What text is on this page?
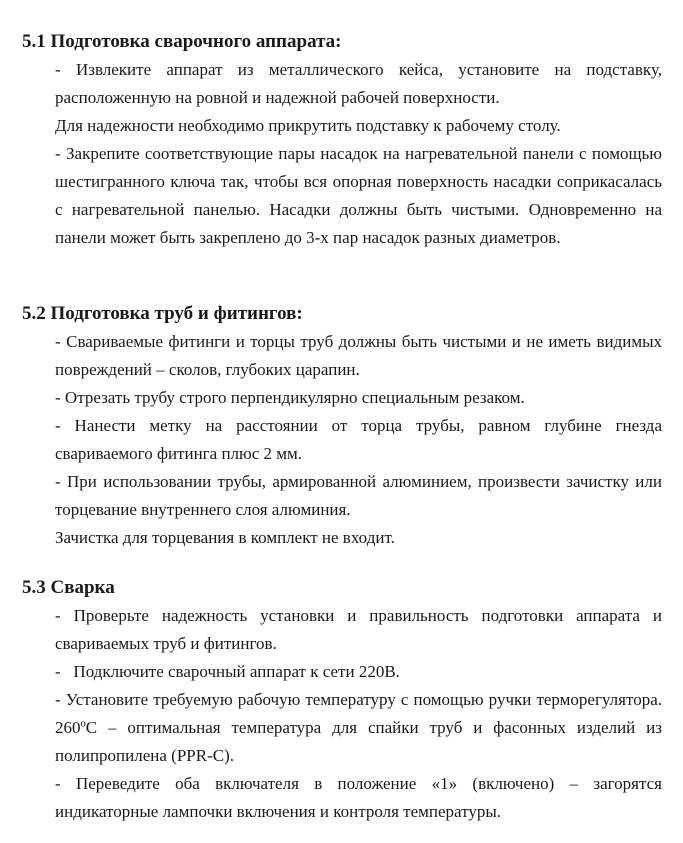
5.1 Подготовка сварочного аппарата:

- Извлеките аппарат из металлического кейса, установите на подставку, расположенную на ровной и надежной рабочей поверхности.

Для надежности необходимо прикрутить подставку к рабочему столу.

- Закрепите соответствующие пары насадок на нагревательной панели с помощью шестигранного ключа так, чтобы вся опорная поверхность насадки соприкасалась с нагревательной панелью. Насадки должны быть чистыми. Одновременно на панели может быть закреплено до 3-х пар насадок разных диаметров.

5.2 Подготовка труб и фитингов:

- Свариваемые фитинги и торцы труб должны быть чистыми и не иметь видимых повреждений – сколов, глубоких царапин.

- Отрезать трубу строго перпендикулярно специальным резаком.

- Нанести метку на расстоянии от торца трубы, равном глубине гнезда свариваемого фитинга плюс 2 мм.

- При использовании трубы, армированной алюминием, произвести зачистку или торцевание внутреннего слоя алюминия.

Зачистка для торцевания в комплект не входит.

5.3 Сварка

- Проверьте надежность установки и правильность подготовки аппарата и свариваемых труб и фитингов.

-   Подключите сварочный аппарат к сети 220В.

- Установите требуемую рабочую температуру с помощью ручки терморегулятора. 260ºС – оптимальная температура для спайки труб и фасонных изделий из полипропилена (PPR-C).

- Переведите оба включателя в положение «1» (включено) – загорятся индикаторные лампочки включения и контроля температуры.
